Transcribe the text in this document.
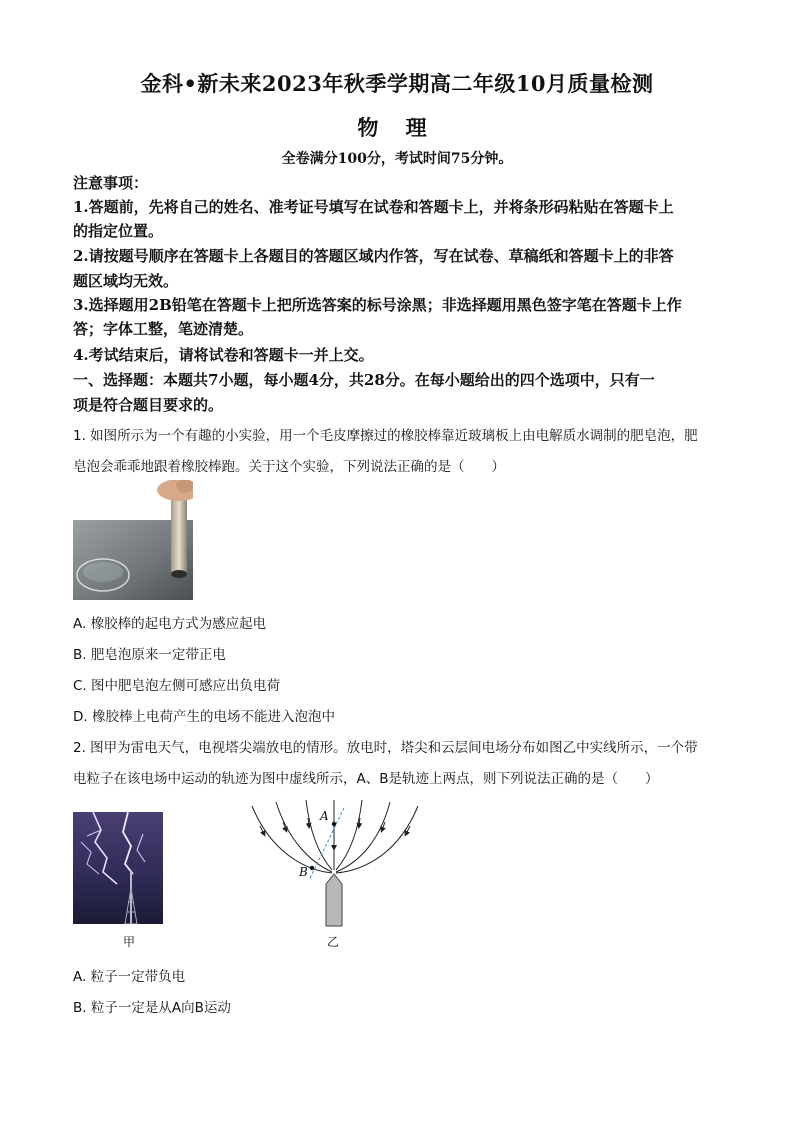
金科•新未来2023年秋季学期高二年级10月质量检测
物 理
全卷满分100分，考试时间75分钟。
注意事项：
1.答题前，先将自己的姓名、准考证号填写在试卷和答题卡上，并将条形码粘贴在答题卡上
的指定位置。
2.请按题号顺序在答题卡上各题目的答题区域内作答，写在试卷、草稿纸和答题卡上的非答
题区域均无效。
3.选择题用2B铅笔在答题卡上把所选答案的标号涂黑；非选择题用黑色签字笔在答题卡上作
答；字体工整，笔迹清楚。
4.考试结束后，请将试卷和答题卡一并上交。
一、选择题：本题共7小题，每小题4分，共28分。在每小题给出的四个选项中，只有一
项是符合题目要求的。
1. 如图所示为一个有趣的小实验，用一个毛皮摩擦过的橡胶棒靠近玻璃板上由电解质水调制的肥皂泡，肥
皂泡会乖乖地跟着橡胶棒跑。关于这个实验，下列说法正确的是（　　）
A. 橡胶棒的起电方式为感应起电
B. 肥皂泡原来一定带正电
C. 图中肥皂泡左侧可感应出负电荷
D. 橡胶棒上电荷产生的电场不能进入泡泡中
2. 图甲为雷电天气，电视塔尖端放电的情形。放电时，塔尖和云层间电场分布如图乙中实线所示，一个带
电粒子在该电场中运动的轨迹为图中虚线所示，A、B是轨迹上两点，则下列说法正确的是（　　）
甲
A
B
乙
A. 粒子一定带负电
B. 粒子一定是从A向B运动
